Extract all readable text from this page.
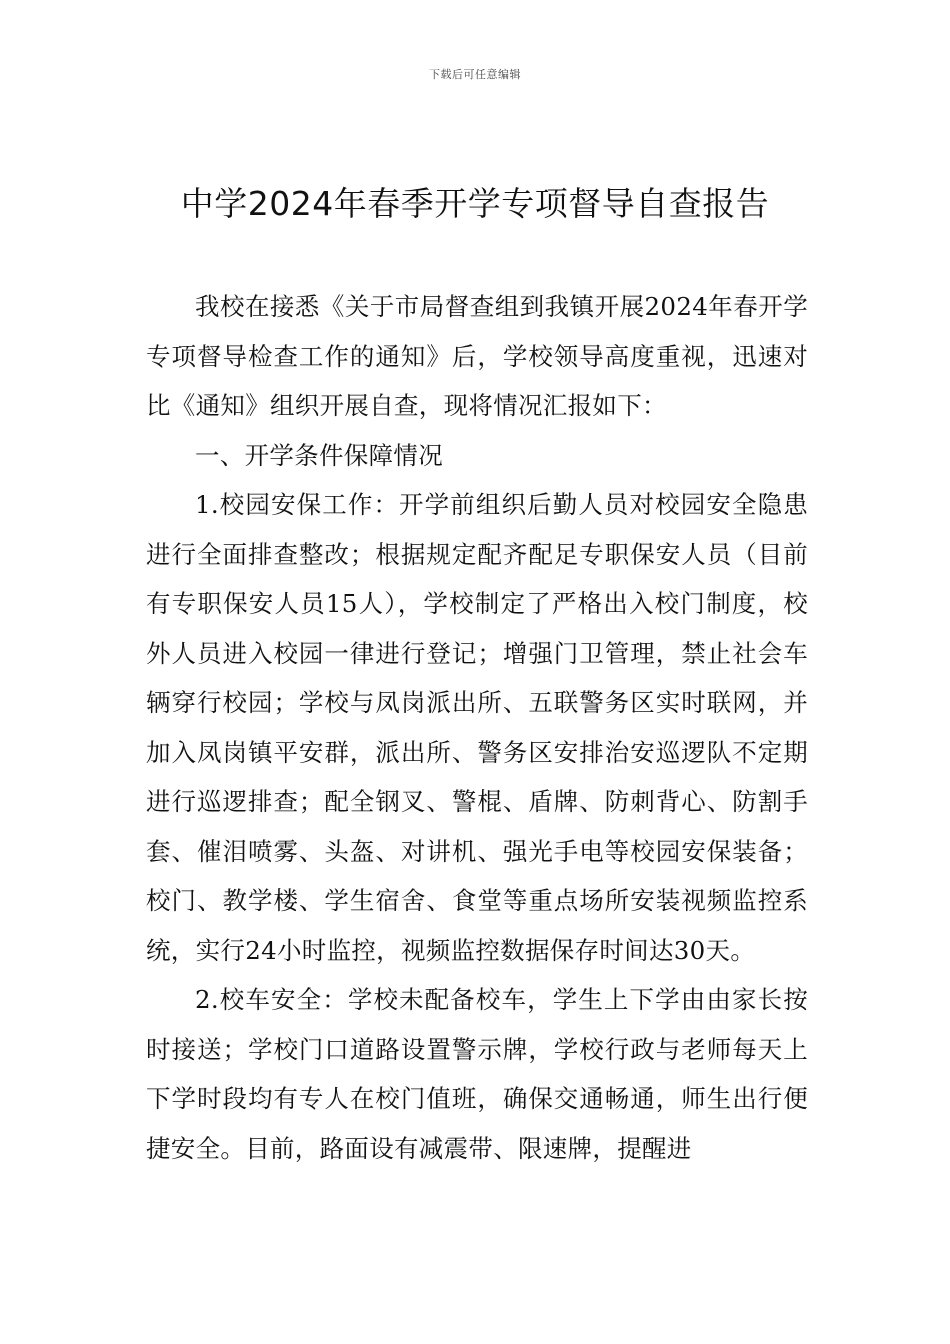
下载后可任意编辑
中学2024年春季开学专项督导自查报告

我校在接悉《关于市局督查组到我镇开展2024年春开学专项督导检查工作的通知》后，学校领导高度重视，迅速对比《通知》组织开展自查，现将情况汇报如下：

一、开学条件保障情况

1.校园安保工作：开学前组织后勤人员对校园安全隐患进行全面排查整改；根据规定配齐配足专职保安人员（目前有专职保安人员15人），学校制定了严格出入校门制度，校外人员进入校园一律进行登记；增强门卫管理，禁止社会车辆穿行校园；学校与凤岗派出所、五联警务区实时联网，并加入凤岗镇平安群，派出所、警务区安排治安巡逻队不定期进行巡逻排查；配全钢叉、警棍、盾牌、防刺背心、防割手套、催泪喷雾、头盔、对讲机、强光手电等校园安保装备；校门、教学楼、学生宿舍、食堂等重点场所安装视频监控系统，实行24小时监控，视频监控数据保存时间达30天。

2.校车安全：学校未配备校车，学生上下学由由家长按时接送；学校门口道路设置警示牌，学校行政与老师每天上下学时段均有专人在校门值班，确保交通畅通，师生出行便捷安全。目前，路面设有减震带、限速牌，提醒进
